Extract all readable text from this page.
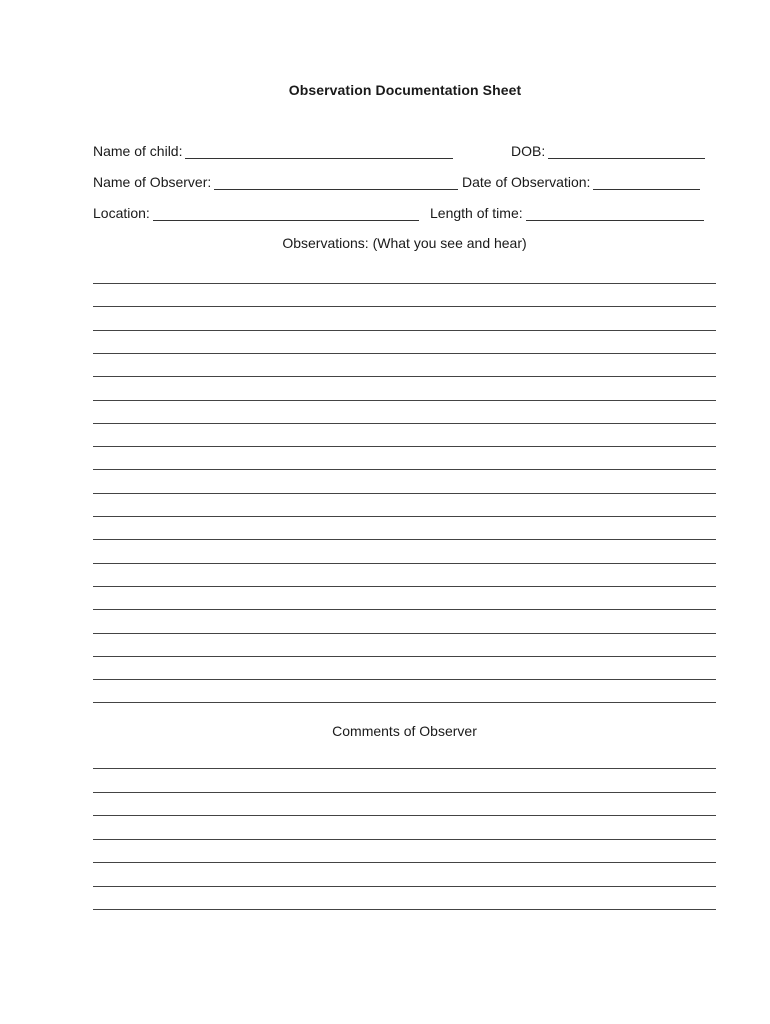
Observation Documentation Sheet
Name of child:	DOB:
Name of Observer:	Date of Observation:
Location:	Length of time:
Observations: (What you see and hear)
Comments of Observer
